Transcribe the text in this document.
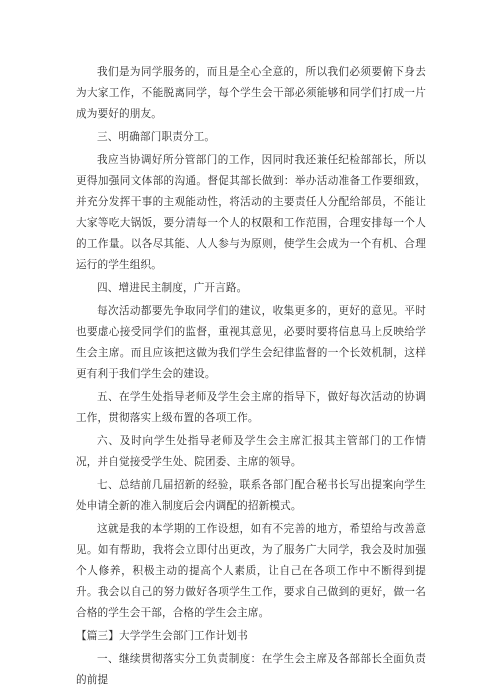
我们是为同学服务的，而且是全心全意的，所以我们必须要俯下身去为大家工作，不能脱离同学，每个学生会干部必须能够和同学们打成一片成为要好的朋友。

三、明确部门职责分工。

我应当协调好所分管部门的工作，因同时我还兼任纪检部部长，所以更得加强同文体部的沟通。督促其部长做到：举办活动准备工作要细致，并充分发挥干事的主观能动性，将活动的主要责任人分配给部员，不能让大家等吃大锅饭，要分清每一个人的权限和工作范围，合理安排每一个人的工作量。以各尽其能、人人参与为原则，使学生会成为一个有机、合理运行的学生组织。

四、增进民主制度，广开言路。

每次活动都要先争取同学们的建议，收集更多的，更好的意见。平时也要虚心接受同学们的监督，重视其意见，必要时要将信息马上反映给学生会主席。而且应该把这做为我们学生会纪律监督的一个长效机制，这样更有利于我们学生会的建设。

五、在学生处指导老师及学生会主席的指导下，做好每次活动的协调工作，贯彻落实上级布置的各项工作。

六、及时向学生处指导老师及学生会主席汇报其主管部门的工作情况，并自觉接受学生处、院团委、主席的领导。

七、总结前几届招新的经验，联系各部门配合秘书长写出提案向学生处申请全新的准入制度后会内调配的招新模式。

这就是我的本学期的工作设想，如有不完善的地方，希望给与改善意见。如有帮助，我将会立即付出更改，为了服务广大同学，我会及时加强个人修养，积极主动的提高个人素质，让自己在各项工作中不断得到提升。我会以自己的努力做好各项学生工作，要求自己做到的更好，做一名合格的学生会干部，合格的学生会主席。

【篇三】大学学生会部门工作计划书

一、继续贯彻落实分工负责制度：在学生会主席及各部部长全面负责的前提
